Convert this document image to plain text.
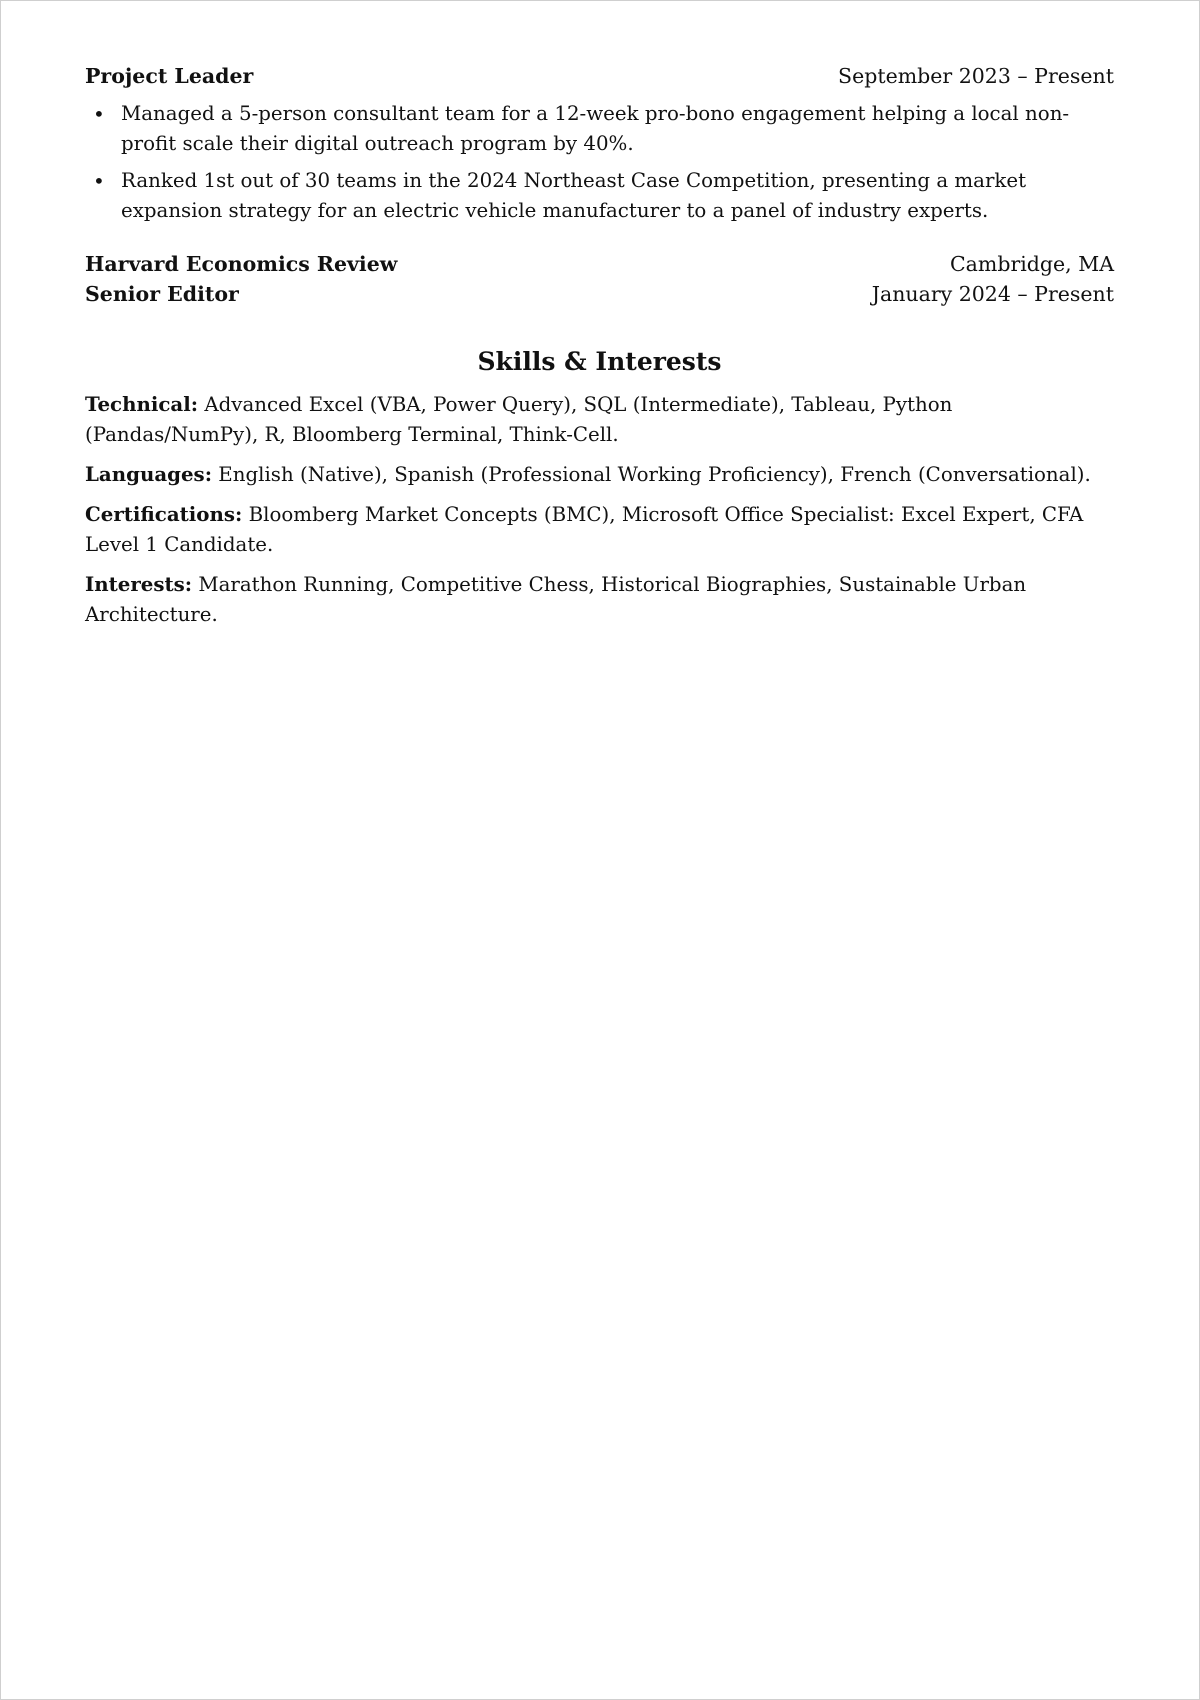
Project Leader	September 2023 – Present
• Managed a 5-person consultant team for a 12-week pro-bono engagement helping a local non-profit scale their digital outreach program by 40%.
• Ranked 1st out of 30 teams in the 2024 Northeast Case Competition, presenting a market expansion strategy for an electric vehicle manufacturer to a panel of industry experts.
Harvard Economics Review	Cambridge, MA
Senior Editor	January 2024 – Present
Skills & Interests
Technical: Advanced Excel (VBA, Power Query), SQL (Intermediate), Tableau, Python (Pandas/NumPy), R, Bloomberg Terminal, Think-Cell.
Languages: English (Native), Spanish (Professional Working Proficiency), French (Conversational).
Certifications: Bloomberg Market Concepts (BMC), Microsoft Office Specialist: Excel Expert, CFA Level 1 Candidate.
Interests: Marathon Running, Competitive Chess, Historical Biographies, Sustainable Urban Architecture.
